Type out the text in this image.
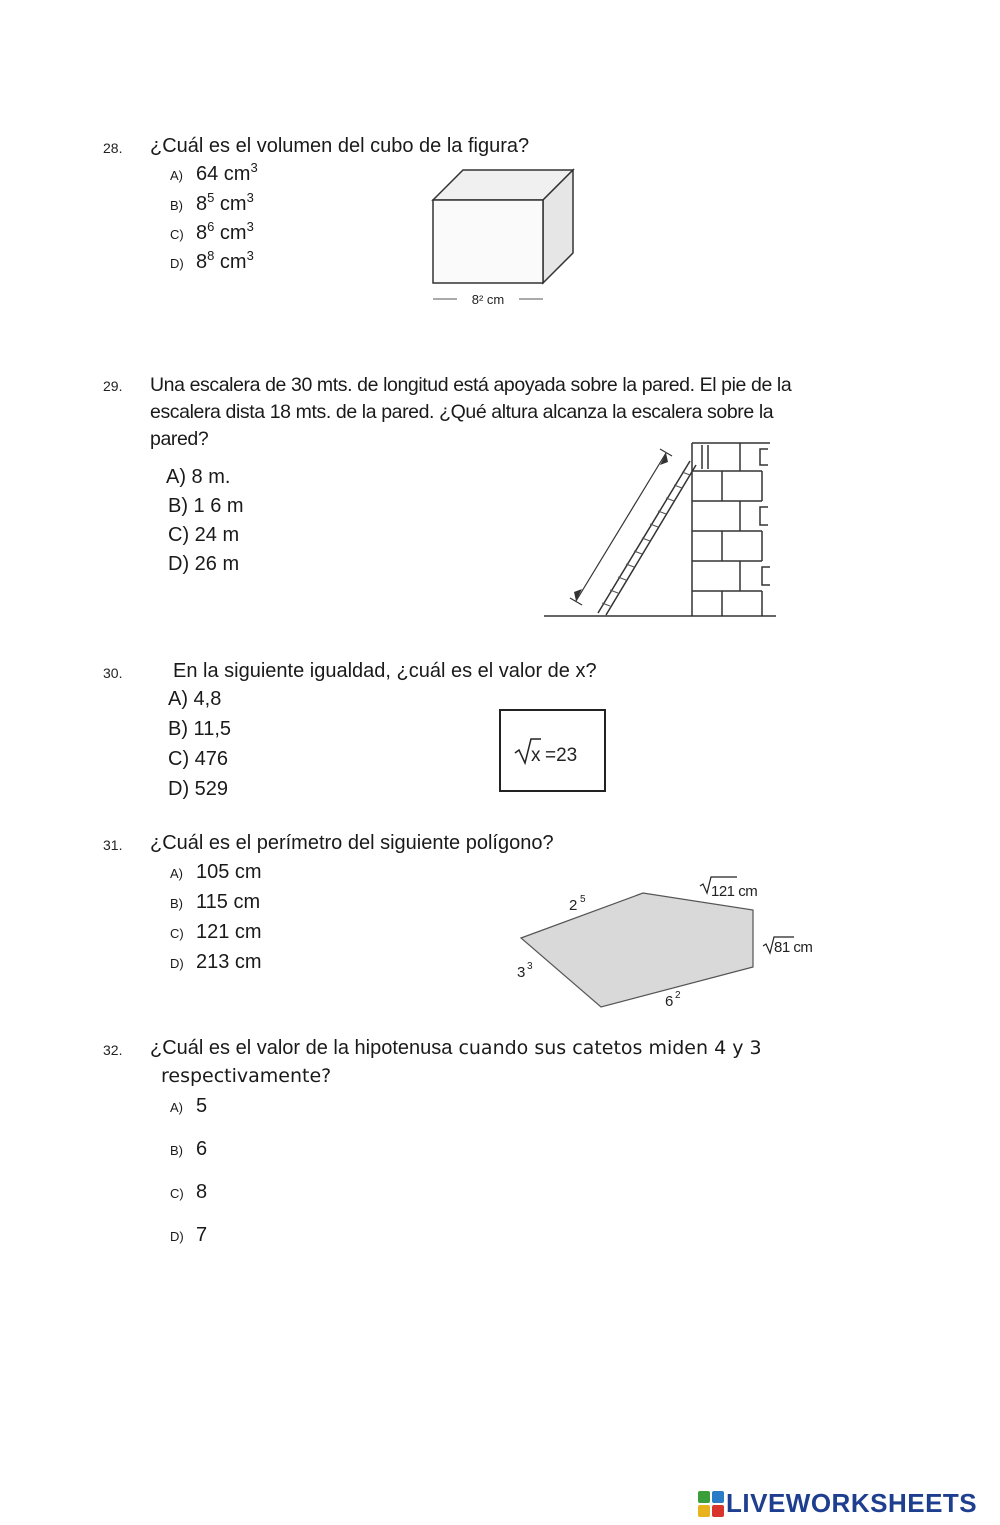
28. ¿Cuál es el volumen del cubo de la figura?
A) 64 $cm^3$
B) $8^5$ $cm^3$
C) $8^6$ $cm^3$
D) $8^8$ $cm^3$
8² cm
29. Una escalera de 30 mts. de longitud está apoyada sobre la pared. El pie de la
escalera dista 18 mts. de la pared. ¿Qué altura alcanza la escalera sobre la
pared?
A) 8 m.
B) 1 6 m
C) 24 m
D) 26 m
30.	En la siguiente igualdad, ¿cuál es el valor de x?
A) 4,8
B) 11,5
C) 476
D) 529
x =23
31. ¿Cuál es el perímetro del siguiente polígono?
A) 105 cm
B) 115 cm
C) 121 cm
D) 213 cm
2 5	121 cm
81 cm
3 3
6 2
32. ¿Cuál es el valor de la hipotenusa cuando sus catetos miden 4 y 3
respectivamente?
A) 5
B) 6
C) 8
D) 7
LIVEWORKSHEETS
